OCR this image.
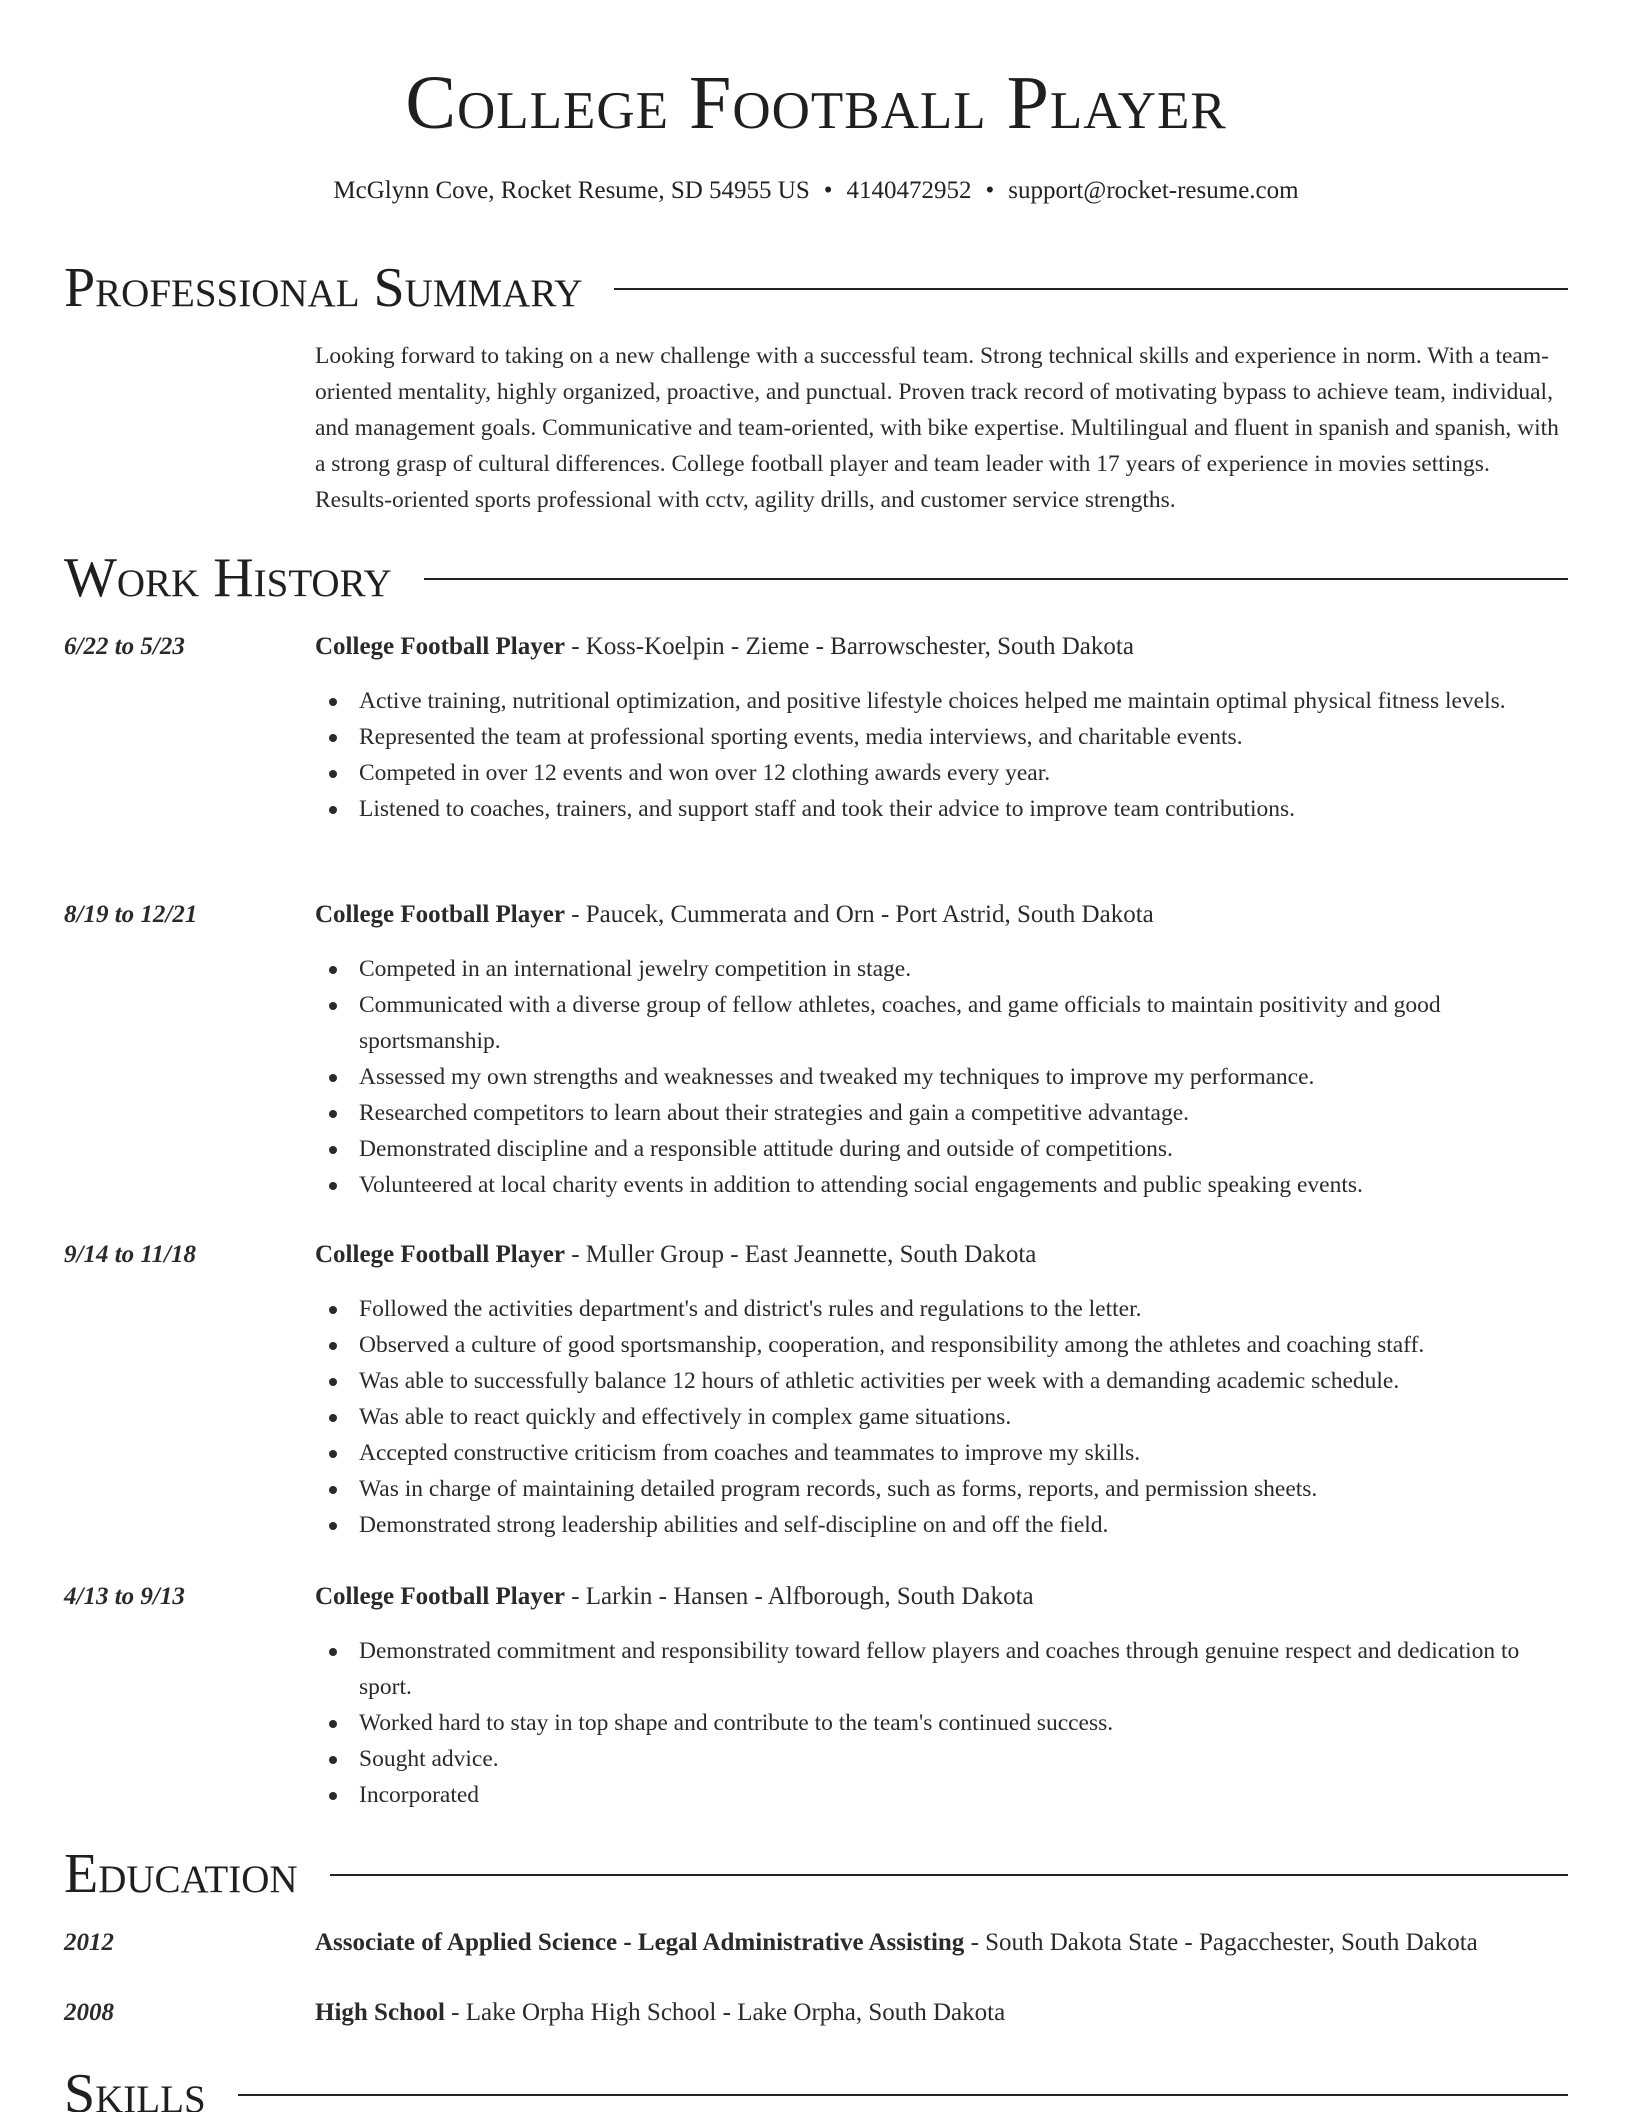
College Football Player
McGlynn Cove, Rocket Resume, SD 54955 US • 4140472952 • support@rocket-resume.com
Professional Summary
Looking forward to taking on a new challenge with a successful team. Strong technical skills and experience in norm. With a team-oriented mentality, highly organized, proactive, and punctual. Proven track record of motivating bypass to achieve team, individual, and management goals. Communicative and team-oriented, with bike expertise. Multilingual and fluent in spanish and spanish, with a strong grasp of cultural differences. College football player and team leader with 17 years of experience in movies settings. Results-oriented sports professional with cctv, agility drills, and customer service strengths.
Work History
6/22 to 5/23	College Football Player - Koss-Koelpin - Zieme - Barrowschester, South Dakota
Active training, nutritional optimization, and positive lifestyle choices helped me maintain optimal physical fitness levels.
Represented the team at professional sporting events, media interviews, and charitable events.
Competed in over 12 events and won over 12 clothing awards every year.
Listened to coaches, trainers, and support staff and took their advice to improve team contributions.
8/19 to 12/21	College Football Player - Paucek, Cummerata and Orn - Port Astrid, South Dakota
Competed in an international jewelry competition in stage.
Communicated with a diverse group of fellow athletes, coaches, and game officials to maintain positivity and good sportsmanship.
Assessed my own strengths and weaknesses and tweaked my techniques to improve my performance.
Researched competitors to learn about their strategies and gain a competitive advantage.
Demonstrated discipline and a responsible attitude during and outside of competitions.
Volunteered at local charity events in addition to attending social engagements and public speaking events.
9/14 to 11/18	College Football Player - Muller Group - East Jeannette, South Dakota
Followed the activities department's and district's rules and regulations to the letter.
Observed a culture of good sportsmanship, cooperation, and responsibility among the athletes and coaching staff.
Was able to successfully balance 12 hours of athletic activities per week with a demanding academic schedule.
Was able to react quickly and effectively in complex game situations.
Accepted constructive criticism from coaches and teammates to improve my skills.
Was in charge of maintaining detailed program records, such as forms, reports, and permission sheets.
Demonstrated strong leadership abilities and self-discipline on and off the field.
4/13 to 9/13	College Football Player - Larkin - Hansen - Alfborough, South Dakota
Demonstrated commitment and responsibility toward fellow players and coaches through genuine respect and dedication to sport.
Worked hard to stay in top shape and contribute to the team's continued success.
Sought advice.
Incorporated
Education
2012	Associate of Applied Science - Legal Administrative Assisting - South Dakota State - Pagacchester, South Dakota
2008	High School - Lake Orpha High School - Lake Orpha, South Dakota
Skills
